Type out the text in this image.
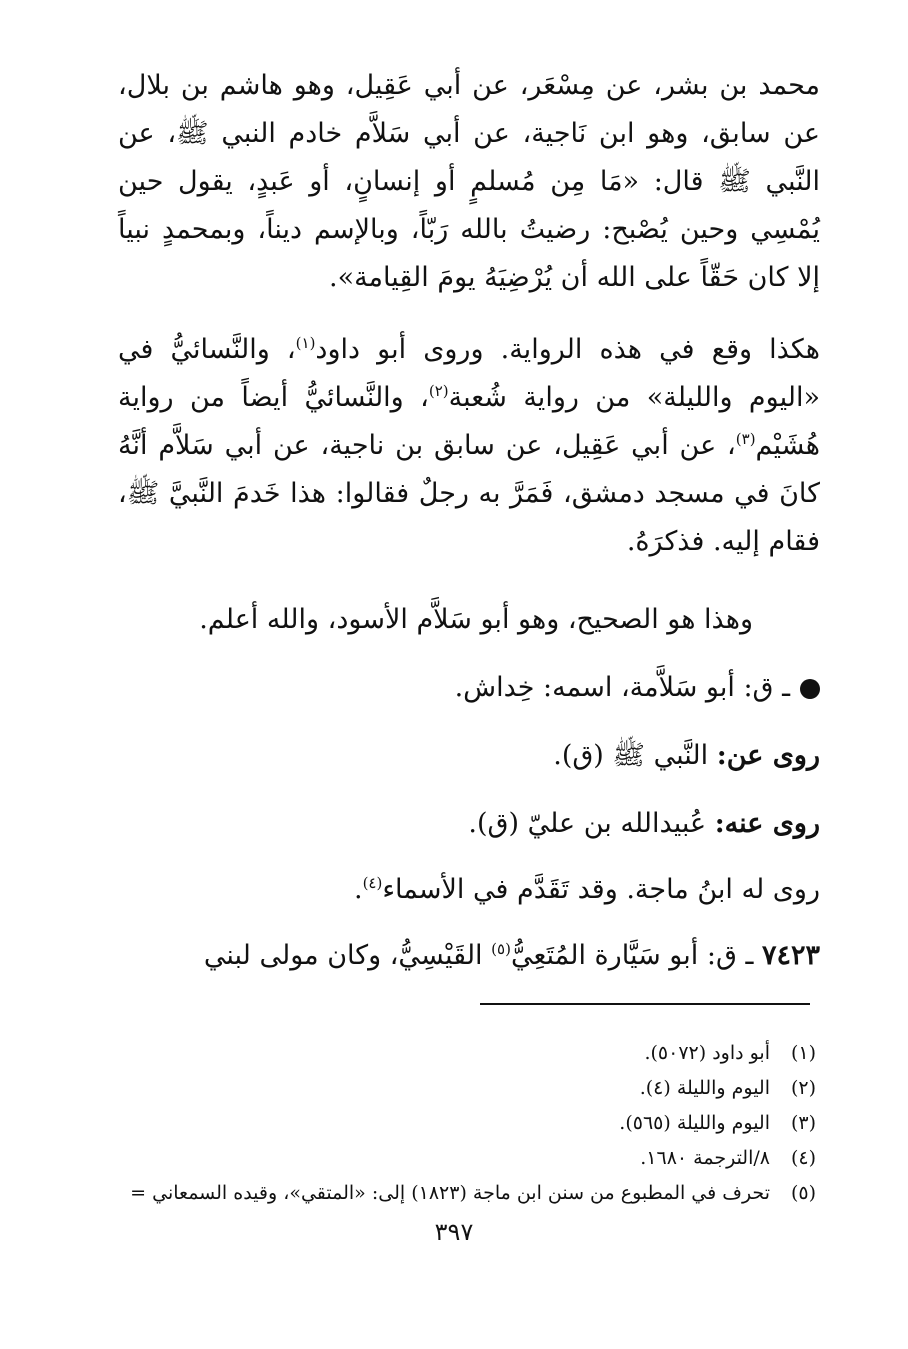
محمد بن بشر، عن مِسْعَر، عن أبي عَقِيل، وهو هاشم بن بلال، عن سابق، وهو ابن نَاجية، عن أبي سَلاَّم خادم النبي ﷺ، عن النَّبي ﷺ قال: «مَا مِن مُسلمٍ أو إنسانٍ، أو عَبدٍ، يقول حين يُمْسِي وحين يُصْبح: رضيتُ بالله رَبّاً، وبالإسم ديناً، وبمحمدٍ نبياً إلا كان حَقّاً على الله أن يُرْضِيَهُ يومَ القِيامة».
هكذا وقع في هذه الرواية. وروى أبو داود$^{(١)}$، والنَّسائيُّ في «اليوم والليلة» من رواية شُعبة$^{(٢)}$، والنَّسائيُّ أيضاً من رواية هُشَيْم$^{(٣)}$، عن أبي عَقِيل، عن سابق بن ناجية، عن أبي سَلاَّم أنَّهُ كانَ في مسجد دمشق، فَمَرَّ به رجلٌ فقالوا: هذا خَدمَ النَّبيَّ ﷺ، فقام إليه. فذكرَهُ.
وهذا هو الصحيح، وهو أبو سَلاَّم الأسود، والله أعلم.
ـ ق: أبو سَلاَّمة، اسمه: خِداش.
روى عن: النَّبي ﷺ (ق).
روى عنه: عُبيدالله بن عليّ (ق).
روى له ابنُ ماجة. وقد تَقَدَّم في الأسماء$^{(٤)}$.
٧٤٢٣ ـ ق: أبو سَيَّارة المُتَعِيُّ$^{(٥)}$ القَيْسِيُّ، وكان مولى لبني
(١)
أبو داود (٥٠٧٢).
(٢)
اليوم والليلة (٤).
(٣)
اليوم والليلة (٥٦٥).
(٤)
٨/الترجمة ١٦٨٠.
(٥)
تحرف في المطبوع من سنن ابن ماجة (١٨٢٣) إلى: «المتقي»، وقيده السمعاني =
٣٩٧
